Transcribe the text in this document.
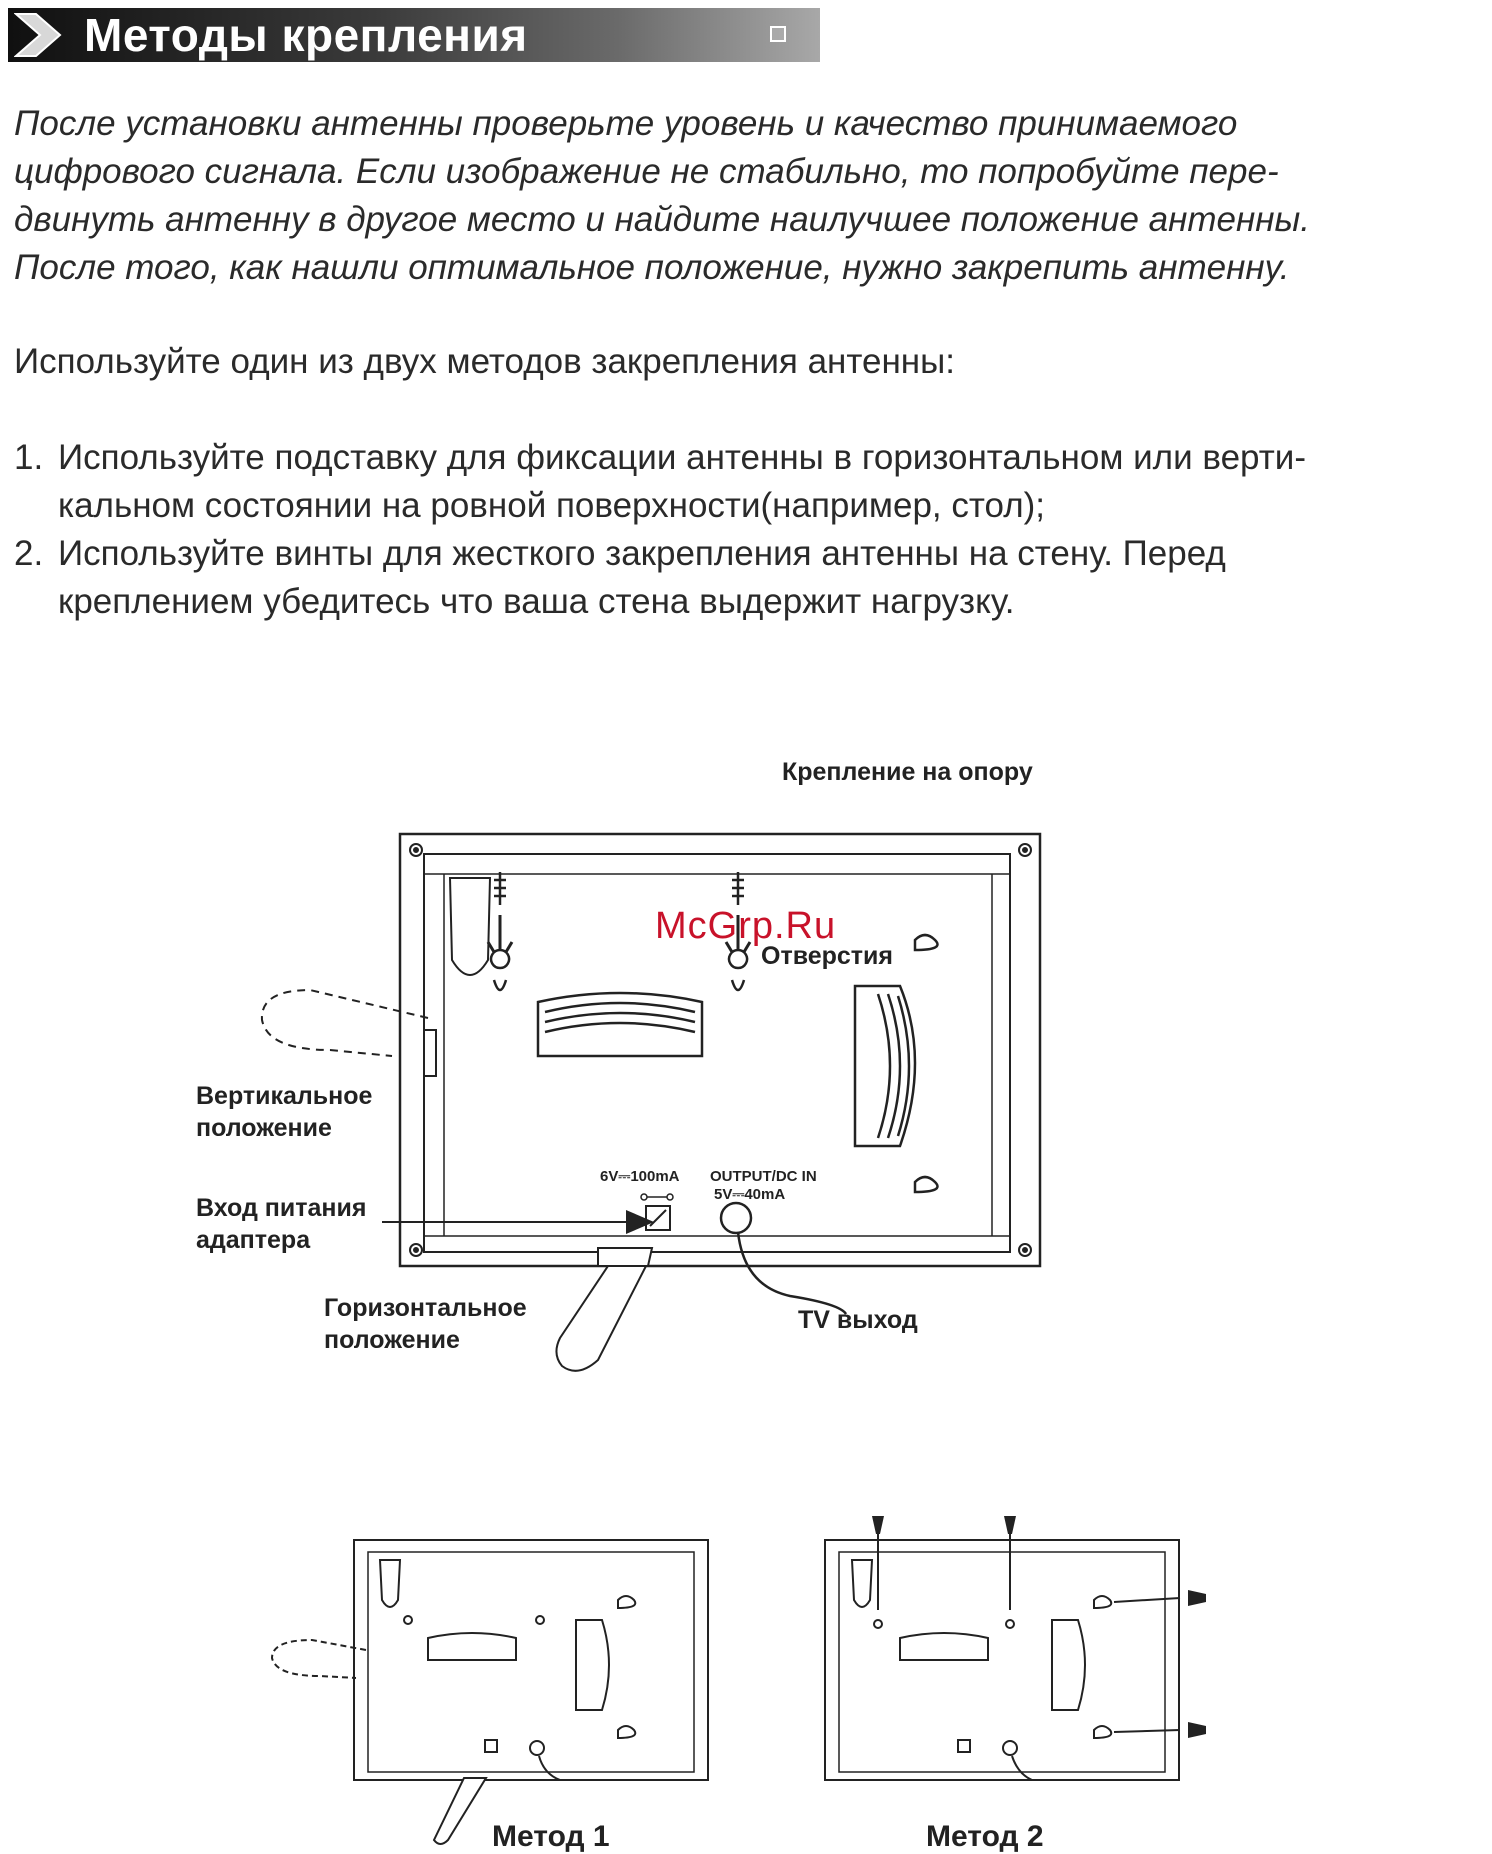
Методы крепления

После установки антенны проверьте уровень и качество принимаемого

цифрового сигнала. Если изображение не стабильно, то попробуйте пере-

двинуть антенну в другое место и найдите наилучшее положение антенны.

После того, как нашли оптимальное положение, нужно закрепить антенну.

Используйте один из двух методов закрепления антенны:
1. Используйте подставку для фиксации антенны в горизонтальном или верти-
кальном состоянии на ровной поверхности(например, стол);
2. Используйте винты для жесткого закрепления антенны на стену. Перед
креплением убедитесь что ваша стена выдержит нагрузку.
McGrp.Ru
Крепление на опору
Отверстия
Вертикальное
положение
Вход питания
адаптера
Горизонтальное
положение
TV выход
6V⎓100mA OUTPUT/DC IN
5V⎓40mA
Метод 1	Метод 2
